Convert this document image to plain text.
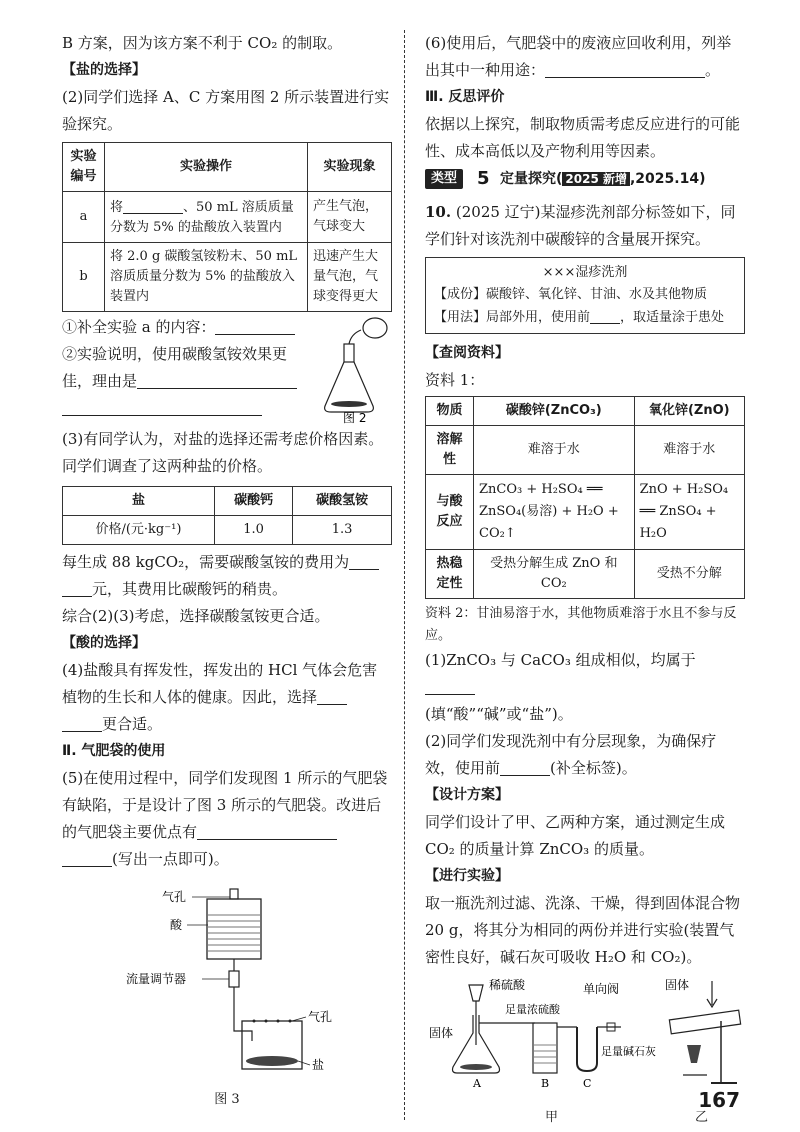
B 方案，因为该方案不利于 CO₂ 的制取。

【盐的选择】

(2)同学们选择 A、C 方案用图 2 所示装置进行实验探究。

实验编号	实验操作	实验现象
a	将 、50 mL 溶质质量分数为 5% 的盐酸放入装置内	产生气泡，气球变大
b	将 2.0 g 碳酸氢铵粉末、50 mL 溶质质量分数为 5% 的盐酸放入装置内	迅速产生大量气泡，气球变得更大

①补全实验 a 的内容：

②实验说明，使用碳酸氢铵效果更佳，理由是

图 2

(3)有同学认为，对盐的选择还需考虑价格因素。同学们调查了这两种盐的价格。

盐	碳酸钙	碳酸氢铵
价格/(元·kg⁻¹)	1.0	1.3

每生成 88 kgCO₂，需要碳酸氢铵的费用为

元，其费用比碳酸钙的稍贵。

综合(2)(3)考虑，选择碳酸氢铵更合适。

【酸的选择】

(4)盐酸具有挥发性，挥发出的 HCl 气体会危害植物的生长和人体的健康。因此，选择

更合适。

Ⅱ. 气肥袋的使用

(5)在使用过程中，同学们发现图 1 所示的气肥袋有缺陷，于是设计了图 3 所示的气肥袋。改进后的气肥袋主要优点有

(写出一点即可)。

气孔
酸
流量调节器
气孔
盐

图 3

(6)使用后，气肥袋中的废液应回收利用，列举出其中一种用途：	。

Ⅲ. 反思评价

依据以上探究，制取物质需考虑反应进行的可能性、成本高低以及产物利用等因素。

类型	5 定量探究( 2025 新增 ,2025.14)

10. (2025 辽宁)某湿疹洗剂部分标签如下，同学们针对该洗剂中碳酸锌的含量展开探究。

×××湿疹洗剂

【成份】碳酸锌、氧化锌、甘油、水及其他物质

【用法】局部外用，使用前 ，取适量涂于患处

【查阅资料】

资料 1：

物质	碳酸锌(ZnCO₃)	氧化锌(ZnO)
溶解性	难溶于水	难溶于水
与酸反应	ZnCO₃ + H₂SO₄ ══ ZnSO₄(易溶) + H₂O + CO₂↑	ZnO + H₂SO₄ ══ ZnSO₄ + H₂O
热稳定性	受热分解生成 ZnO 和 CO₂	受热不分解

资料 2：甘油易溶于水，其他物质难溶于水且不参与反应。

(1)ZnCO₃ 与 CaCO₃ 组成相似，均属于

(填“酸”“碱”或“盐”)。

(2)同学们发现洗剂中有分层现象，为确保疗效，使用前	(补全标签)。

【设计方案】

同学们设计了甲、乙两种方案，通过测定生成 CO₂ 的质量计算 ZnCO₃ 的质量。

【进行实验】

取一瓶洗剂过滤、洗涤、干燥，得到固体混合物 20 g，将其分为相同的两份并进行实验(装置气密性良好，碱石灰可吸收 H₂O 和 CO₂)。

稀硫酸	单向阀	固体
固体
足量浓硫酸
足量碱石灰
A	B	C
甲	乙
167
